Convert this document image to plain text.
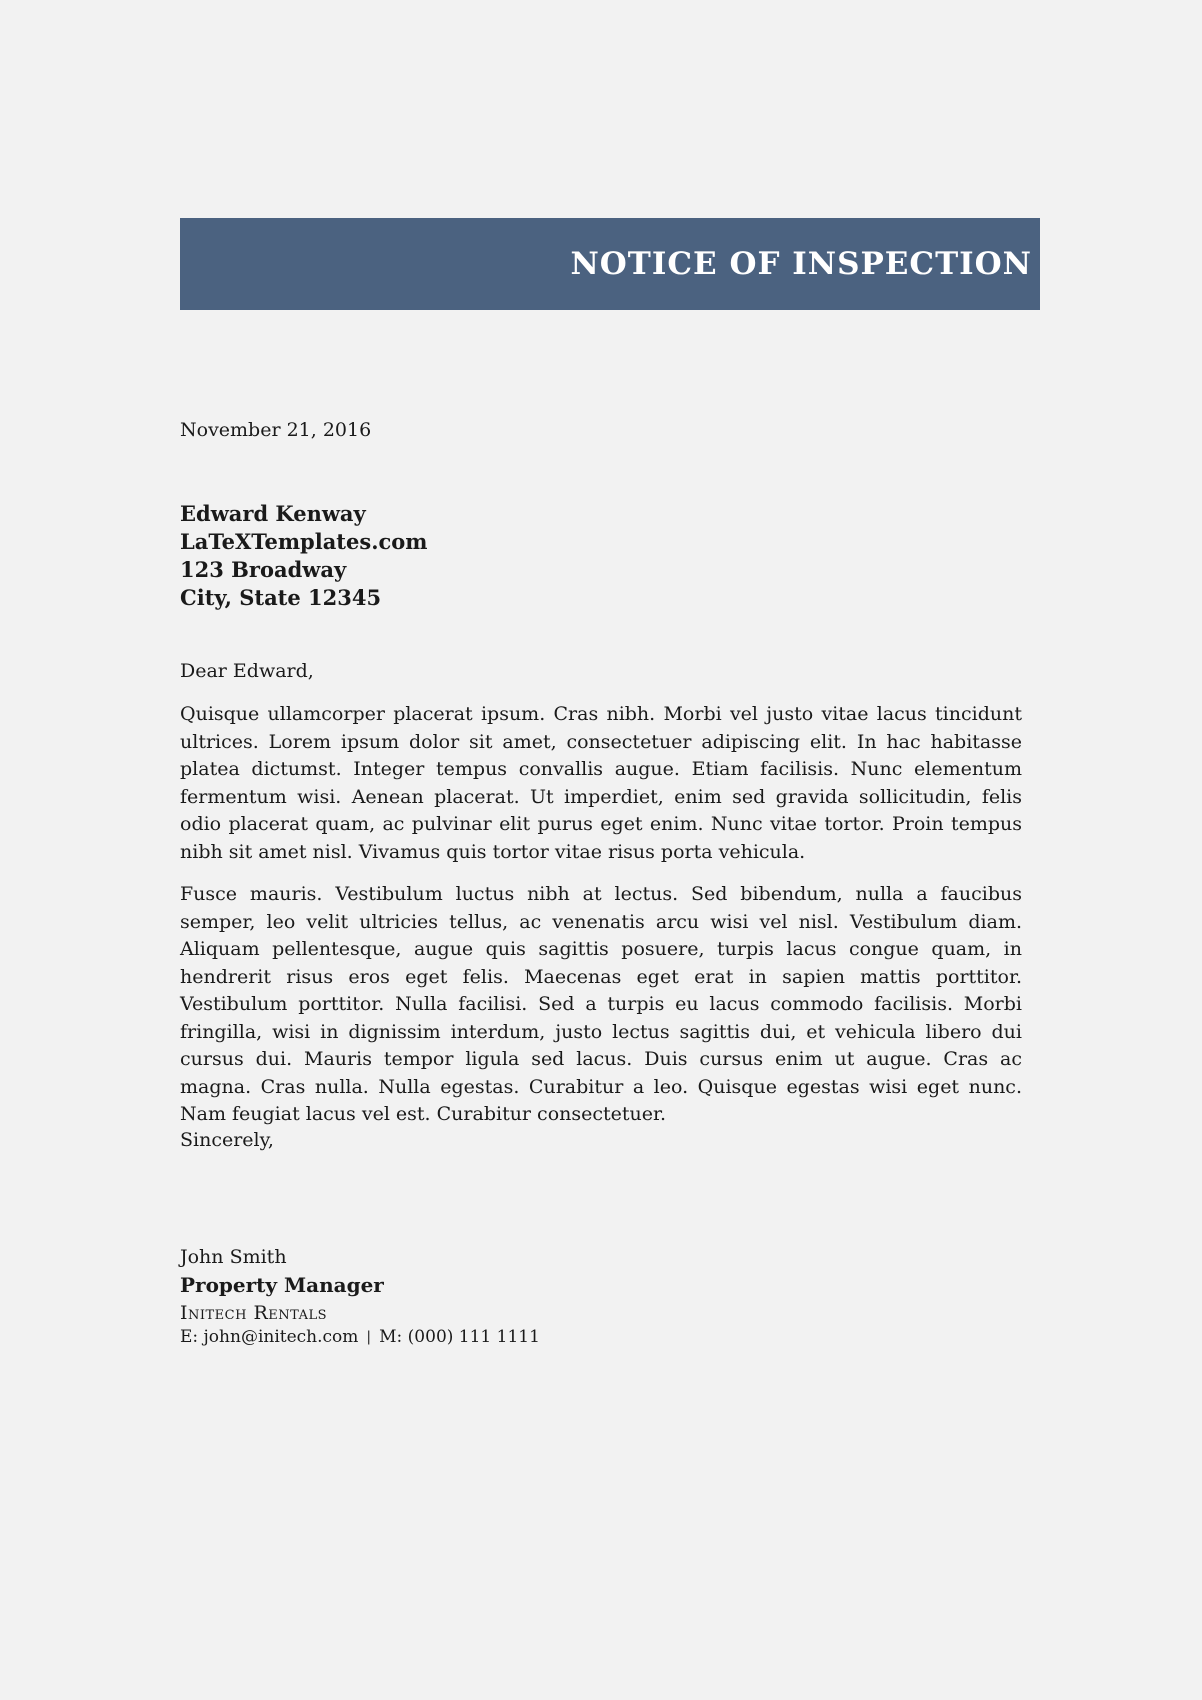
NOTICE OF INSPECTION
November 21, 2016
Edward Kenway
LaTeXTemplates.com
123 Broadway
City, State 12345
Dear Edward,

Quisque ullamcorper placerat ipsum. Cras nibh. Morbi vel justo vitae lacus tincidunt ultrices. Lorem ipsum dolor sit amet, consectetuer adipiscing elit. In hac habitasse platea dictumst. Integer tempus convallis augue. Etiam facilisis. Nunc elementum fermentum wisi. Aenean placerat. Ut imperdiet, enim sed gravida sollicitudin, felis odio placerat quam, ac pulvinar elit purus eget enim. Nunc vitae tortor. Proin tempus nibh sit amet nisl. Vivamus quis tortor vitae risus porta vehicula.

Fusce mauris. Vestibulum luctus nibh at lectus. Sed bibendum, nulla a faucibus semper, leo velit ultricies tellus, ac venenatis arcu wisi vel nisl. Vestibulum diam. Aliquam pellentesque, augue quis sagittis posuere, turpis lacus congue quam, in hendrerit risus eros eget felis. Maecenas eget erat in sapien mattis porttitor. Vestibulum porttitor. Nulla facilisi. Sed a turpis eu lacus commodo facilisis. Morbi fringilla, wisi in dignissim interdum, justo lectus sagittis dui, et vehicula libero dui cursus dui. Mauris tempor ligula sed lacus. Duis cursus enim ut augue. Cras ac magna. Cras nulla. Nulla egestas. Curabitur a leo. Quisque egestas wisi eget nunc. Nam feugiat lacus vel est. Curabitur consectetuer.

Sincerely,
John Smith
Property Manager
Initech Rentals
E: john@initech.com | M: (000) 111 1111
